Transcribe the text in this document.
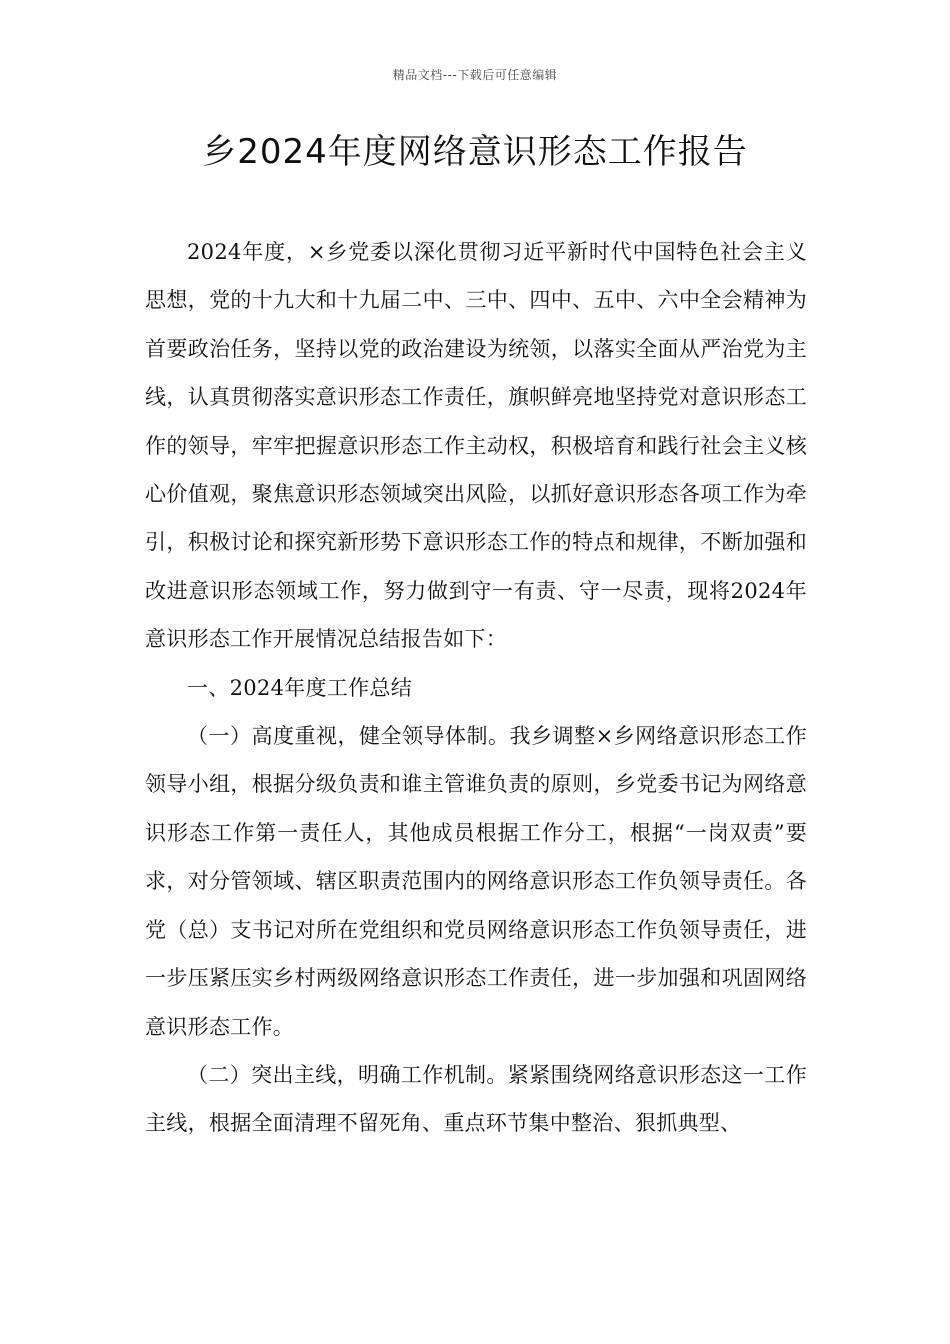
精品文档---下载后可任意编辑
乡2024年度网络意识形态工作报告

2024年度，×乡党委以深化贯彻习近平新时代中国特色社会主义思想，党的十九大和十九届二中、三中、四中、五中、六中全会精神为首要政治任务，坚持以党的政治建设为统领，以落实全面从严治党为主线，认真贯彻落实意识形态工作责任，旗帜鲜亮地坚持党对意识形态工作的领导，牢牢把握意识形态工作主动权，积极培育和践行社会主义核心价值观，聚焦意识形态领域突出风险，以抓好意识形态各项工作为牵引，积极讨论和探究新形势下意识形态工作的特点和规律，不断加强和改进意识形态领域工作，努力做到守一有责、守一尽责，现将2024年意识形态工作开展情况总结报告如下：

一、2024年度工作总结

（一）高度重视，健全领导体制。我乡调整×乡网络意识形态工作领导小组，根据分级负责和谁主管谁负责的原则，乡党委书记为网络意识形态工作第一责任人，其他成员根据工作分工，根据“一岗双责”要求，对分管领域、辖区职责范围内的网络意识形态工作负领导责任。各党（总）支书记对所在党组织和党员网络意识形态工作负领导责任，进一步压紧压实乡村两级网络意识形态工作责任，进一步加强和巩固网络意识形态工作。

（二）突出主线，明确工作机制。紧紧围绕网络意识形态这一工作主线，根据全面清理不留死角、重点环节集中整治、狠抓典型、
